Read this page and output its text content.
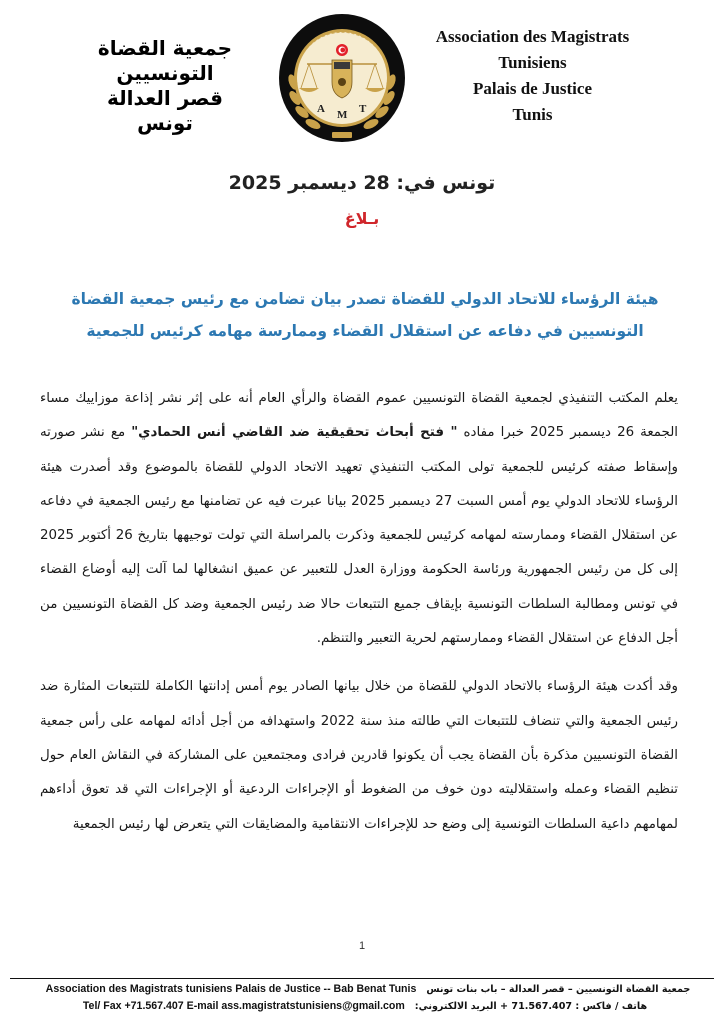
جمعية القضاة التونسيين
قصر العدالة
تونس
A M T
Association des Magistrats
Tunisiens
Palais de Justice
Tunis
تونس في: 28 ديسمبر 2025
بـلاغ
هيئة الرؤساء للاتحاد الدولي للقضاة تصدر بيان تضامن مع رئيس جمعية القضاة
التونسيين في دفاعه عن استقلال القضاء وممارسة مهامه كرئيس للجمعية

يعلم المكتب التنفيذي لجمعية القضاة التونسيين عموم القضاة والرأي العام أنه على إثر نشر إذاعة موزاييك مساء الجمعة 26 ديسمبر 2025 خبرا مفاده " فتح أبحاث تحقيقية ضد القاضي أنس الحمادي" مع نشر صورته وإسقاط صفته كرئيس للجمعية تولى المكتب التنفيذي تعهيد الاتحاد الدولي للقضاة بالموضوع وقد أصدرت هيئة الرؤساء للاتحاد الدولي يوم أمس السبت 27 ديسمبر 2025 بيانا عبرت فيه عن تضامنها مع رئيس الجمعية في دفاعه عن استقلال القضاء وممارسته لمهامه كرئيس للجمعية وذكرت بالمراسلة التي تولت توجيهها بتاريخ 26 أكتوبر 2025 إلى كل من رئيس الجمهورية ورئاسة الحكومة ووزارة العدل للتعبير عن عميق انشغالها لما آلت إليه أوضاع القضاء في تونس ومطالبة السلطات التونسية بإيقاف جميع التتبعات حالا ضد رئيس الجمعية وضد كل القضاة التونسيين من أجل الدفاع عن استقلال القضاء وممارستهم لحرية التعبير والتنظم.

وقد أكدت هيئة الرؤساء بالاتحاد الدولي للقضاة من خلال بيانها الصادر يوم أمس إدانتها الكاملة للتتبعات المثارة ضد رئيس الجمعية والتي تنضاف للتتبعات التي طالته منذ سنة 2022 واستهدافه من أجل أدائه لمهامه على رأس جمعية القضاة التونسيين مذكرة بأن القضاة يجب أن يكونوا قادرين فرادى ومجتمعين على المشاركة في النقاش العام حول تنظيم القضاء وعمله واستقلاليته دون خوف من الضغوط أو الإجراءات الردعية أو الإجراءات التي قد تعوق أداءهم لمهامهم داعية السلطات التونسية إلى وضع حد للإجراءات الانتقامية والمضايقات التي يتعرض لها رئيس الجمعية

1
Association des Magistrats tunisiens Palais de Justice -- Bab Benat Tunis جمعية القضاة التونسيين – قصر العدالة – باب بنات تونس
Tel/ Fax +71.567.407 E-mail ass.magistratstunisiens@gmail.com هاتف / فاكس : 71.567.407 + البريد الالكتروني:
